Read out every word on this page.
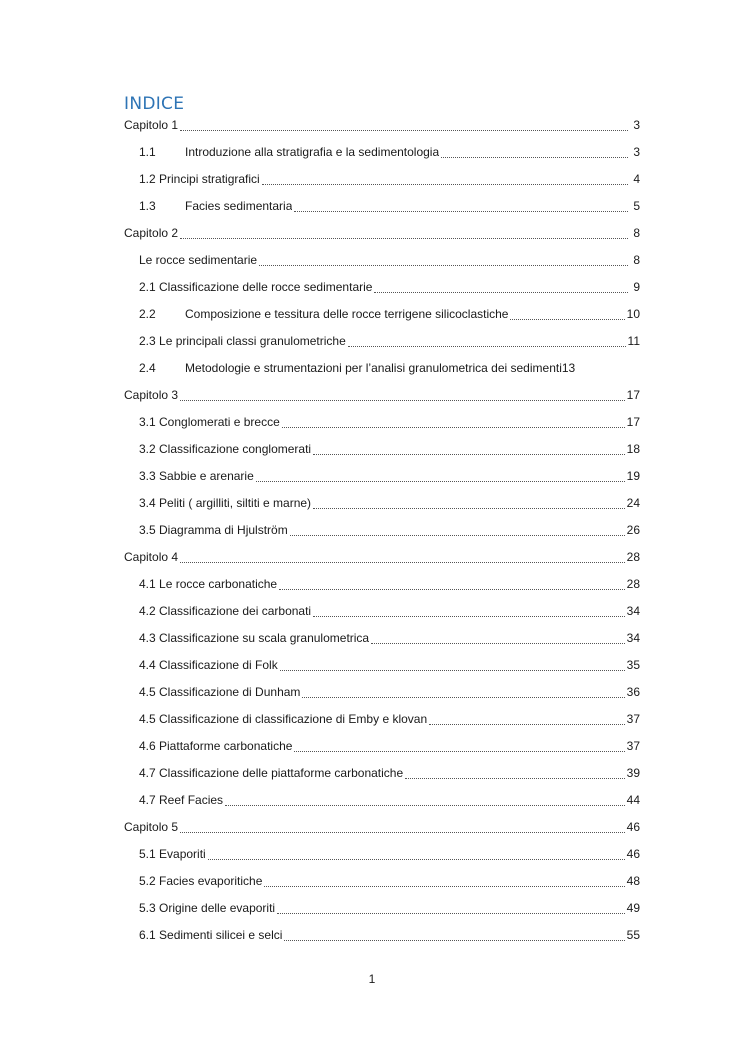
INDICE
Capitolo 1	3
1.1	Introduzione alla stratigrafia e la sedimentologia	3
1.2 Principi stratigrafici	4
1.3	Facies sedimentaria	5
Capitolo 2	8
Le rocce sedimentarie	8
2.1 Classificazione delle rocce sedimentarie	9
2.2	Composizione e tessitura delle rocce terrigene silicoclastiche	10
2.3 Le principali classi granulometriche	11
2.4	Metodologie e strumentazioni per l’analisi granulometrica dei sedimenti 13
Capitolo 3	17
3.1 Conglomerati e brecce	17
3.2 Classificazione conglomerati	18
3.3 Sabbie e arenarie	19
3.4 Peliti ( argilliti, siltiti e marne)	24
3.5 Diagramma di Hjulström	26
Capitolo 4	28
4.1 Le rocce carbonatiche	28
4.2 Classificazione dei carbonati	34
4.3 Classificazione su scala granulometrica	34
4.4 Classificazione di Folk	35
4.5 Classificazione di Dunham	36
4.5 Classificazione di classificazione di Emby e klovan	37
4.6 Piattaforme carbonatiche	37
4.7 Classificazione delle piattaforme carbonatiche	39
4.7 Reef Facies	44
Capitolo 5	46
5.1 Evaporiti	46
5.2 Facies evaporitiche	48
5.3 Origine delle evaporiti	49
6.1 Sedimenti silicei e selci	55
1
